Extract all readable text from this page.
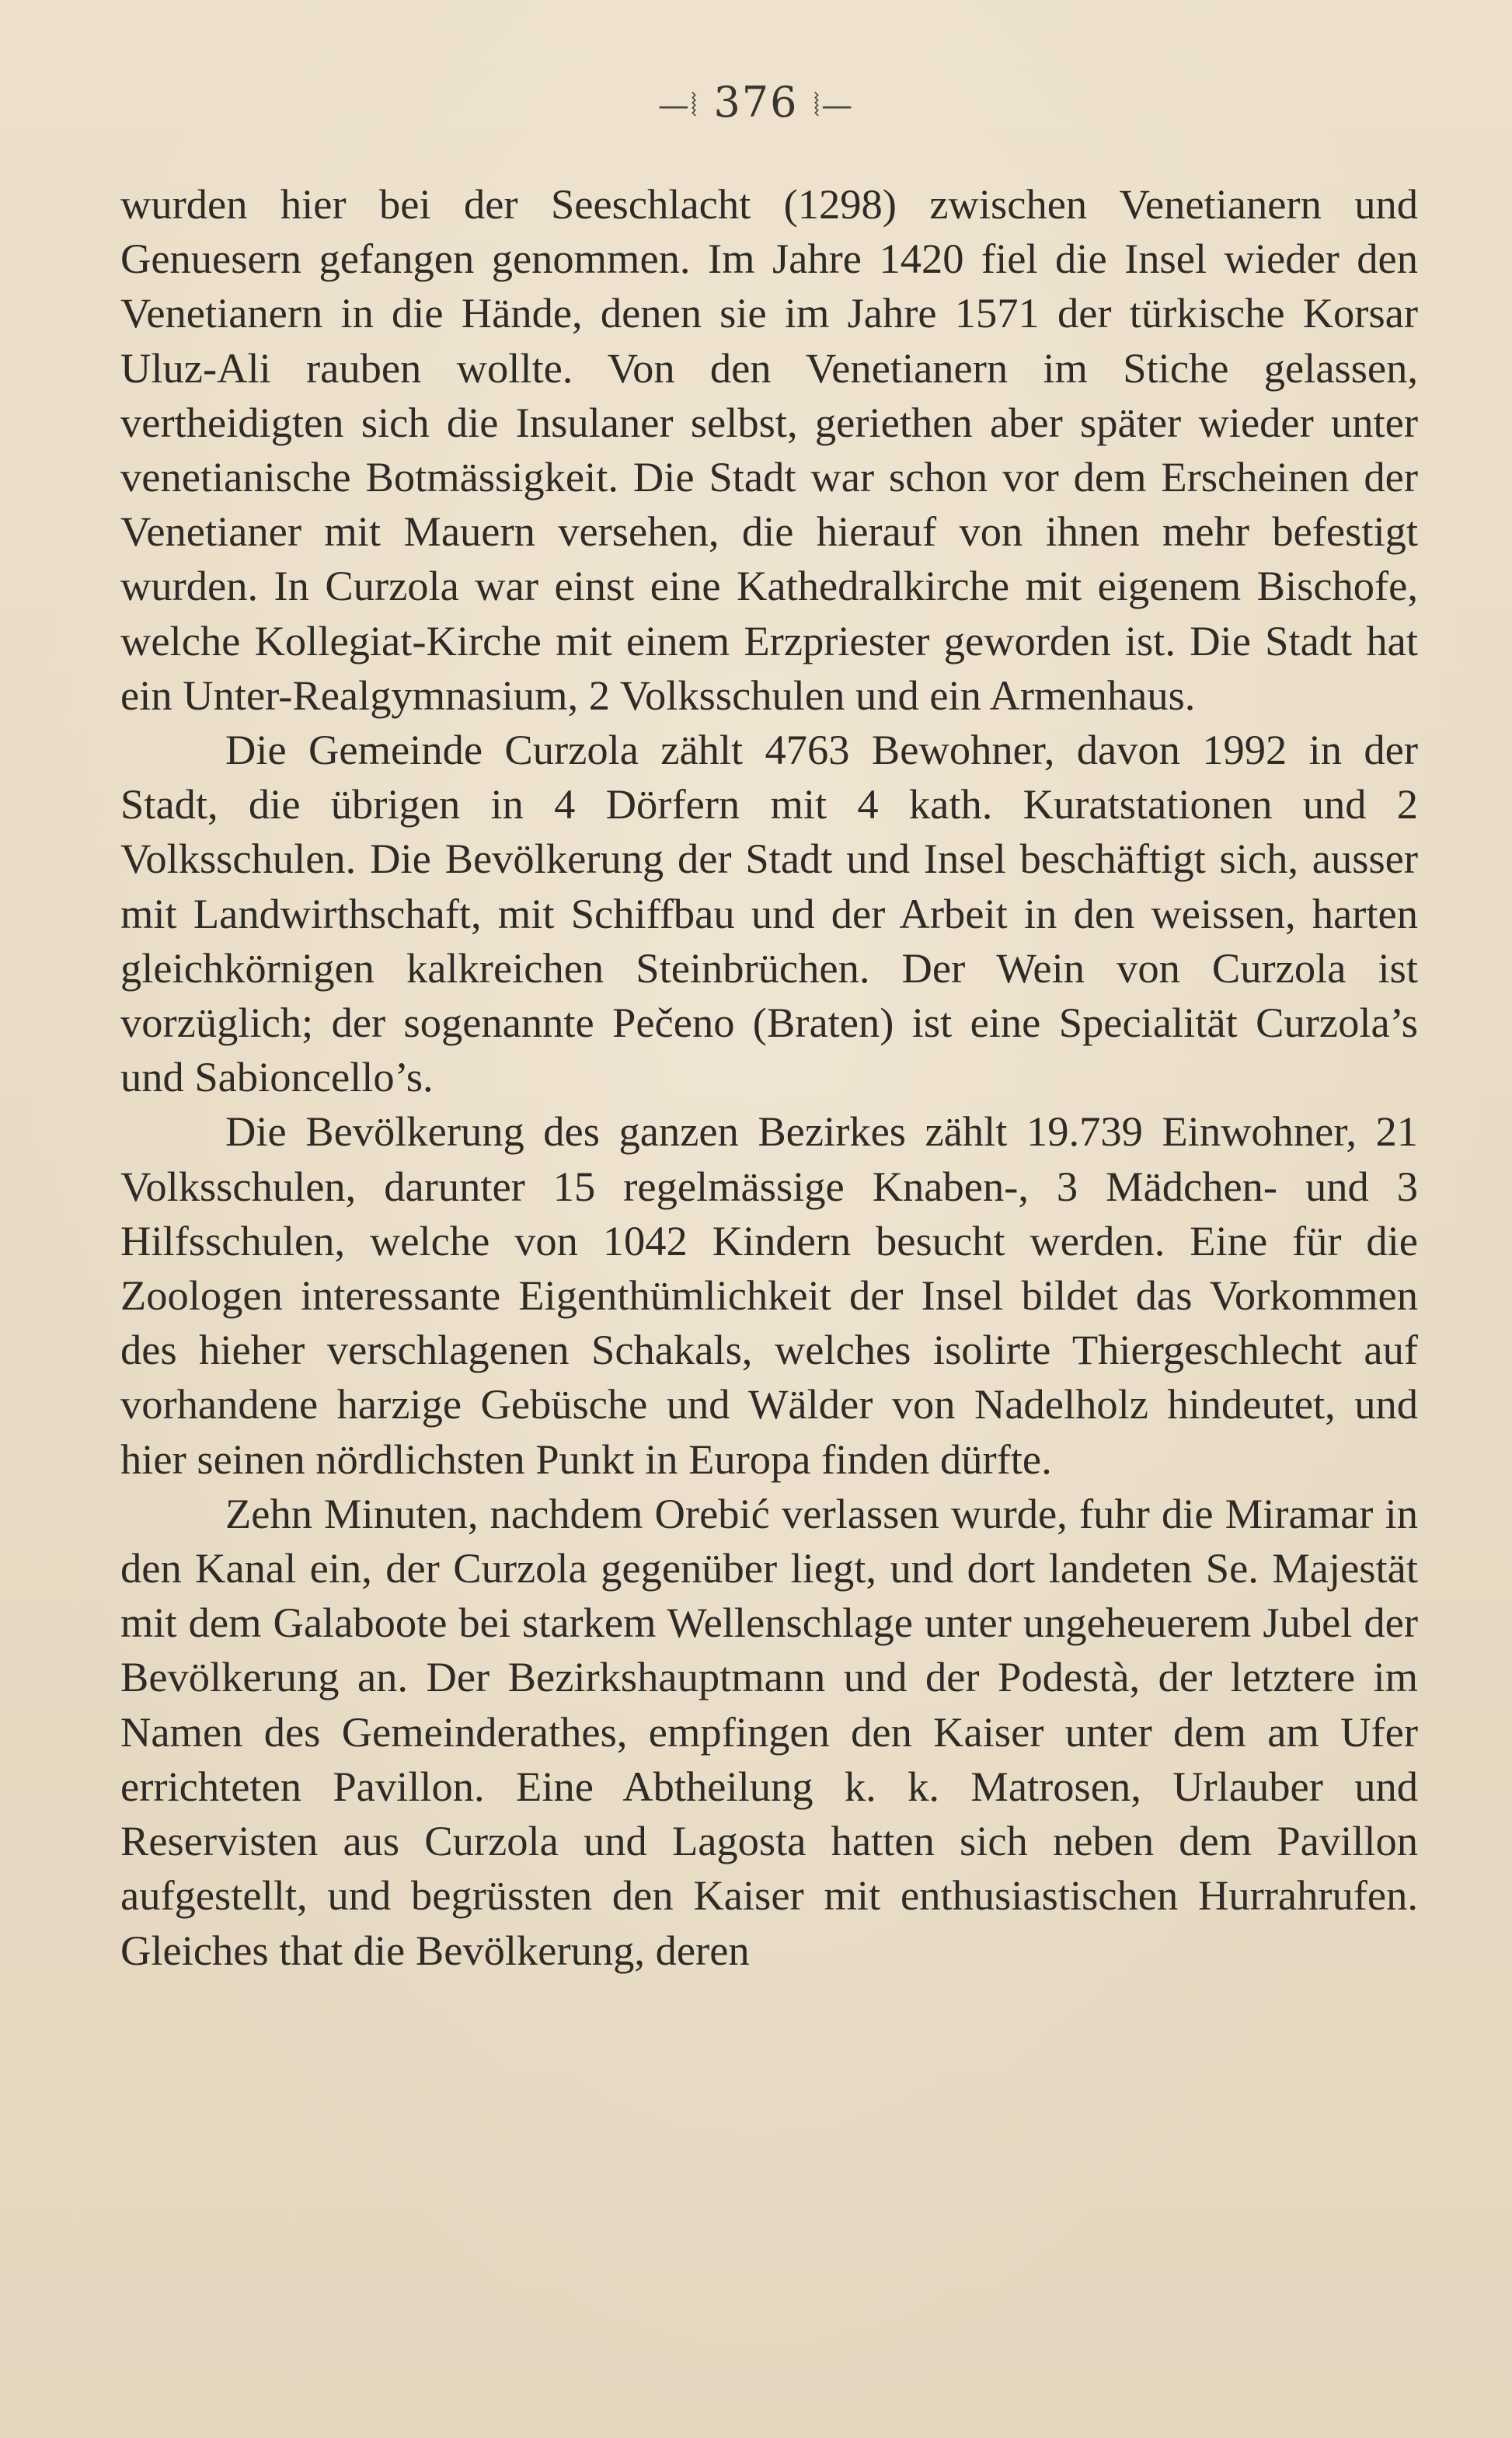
—⦚ 376 ⦚—

wurden hier bei der Seeschlacht (1298) zwischen Venetianern und Genuesern gefangen genommen. Im Jahre 1420 fiel die Insel wieder den Venetianern in die Hände, denen sie im Jahre 1571 der türkische Korsar Uluz-Ali rauben wollte. Von den Venetianern im Stiche gelassen, vertheidigten sich die Insulaner selbst, geriethen aber später wieder unter venetianische Botmässigkeit. Die Stadt war schon vor dem Erscheinen der Venetianer mit Mauern versehen, die hierauf von ihnen mehr befestigt wurden. In Curzola war einst eine Kathedralkirche mit eigenem Bischofe, welche Kollegiat-Kirche mit einem Erzpriester geworden ist. Die Stadt hat ein Unter-Realgymnasium, 2 Volksschulen und ein Armenhaus.

Die Gemeinde Curzola zählt 4763 Bewohner, davon 1992 in der Stadt, die übrigen in 4 Dörfern mit 4 kath. Kuratstationen und 2 Volksschulen. Die Bevölkerung der Stadt und Insel beschäftigt sich, ausser mit Landwirthschaft, mit Schiffbau und der Arbeit in den weissen, harten gleichkörnigen kalkreichen Steinbrüchen. Der Wein von Curzola ist vorzüglich; der sogenannte Pečeno (Braten) ist eine Specialität Curzola’s und Sabioncello’s.

Die Bevölkerung des ganzen Bezirkes zählt 19.739 Einwohner, 21 Volksschulen, darunter 15 regelmässige Knaben-, 3 Mädchen- und 3 Hilfsschulen, welche von 1042 Kindern besucht werden. Eine für die Zoologen interessante Eigenthümlichkeit der Insel bildet das Vorkommen des hieher verschlagenen Schakals, welches isolirte Thiergeschlecht auf vorhandene harzige Gebüsche und Wälder von Nadelholz hindeutet, und hier seinen nördlichsten Punkt in Europa finden dürfte.

Zehn Minuten, nachdem Orebić verlassen wurde, fuhr die Miramar in den Kanal ein, der Curzola gegenüber liegt, und dort landeten Se. Majestät mit dem Galaboote bei starkem Wellenschlage unter ungeheuerem Jubel der Bevölkerung an. Der Bezirkshauptmann und der Podestà, der letztere im Namen des Gemeinderathes, empfingen den Kaiser unter dem am Ufer errichteten Pavillon. Eine Abtheilung k. k. Matrosen, Urlauber und Reservisten aus Curzola und Lagosta hatten sich neben dem Pavillon aufgestellt, und begrüssten den Kaiser mit enthusiastischen Hurrahrufen. Gleiches that die Bevölkerung, deren
